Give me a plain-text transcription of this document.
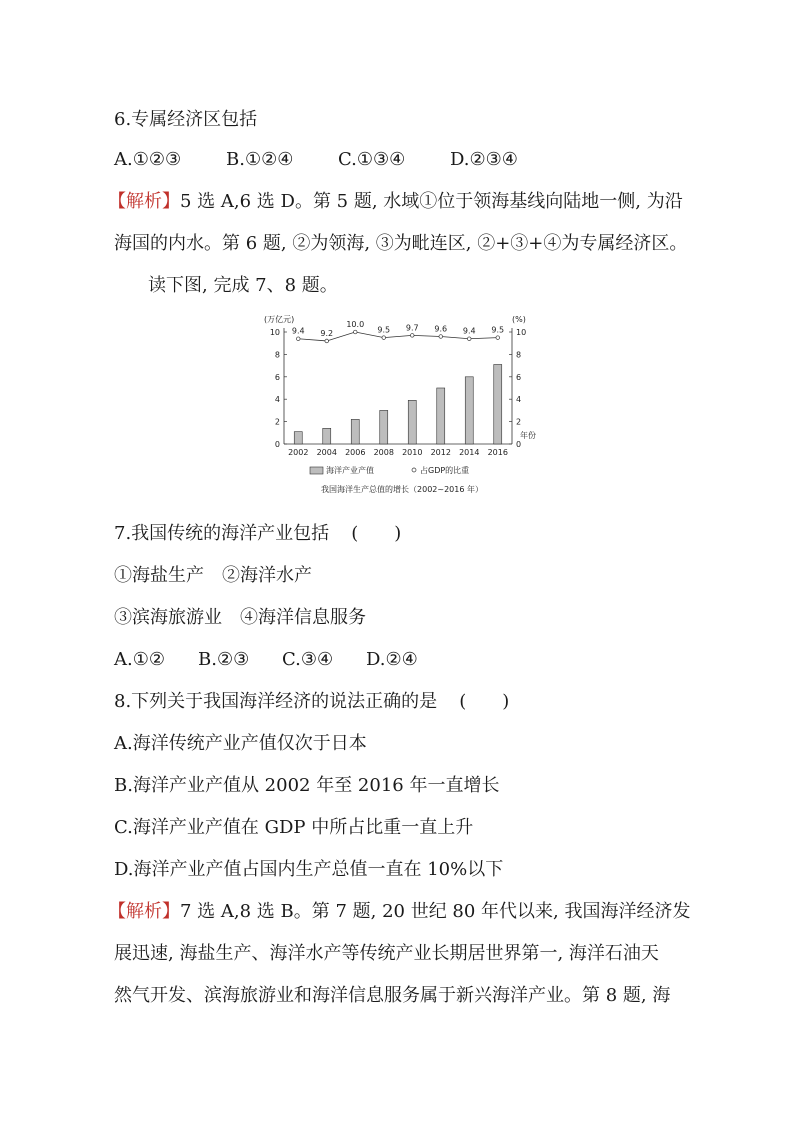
6.专属经济区包括
A.①②③ B.①②④ C.①③④ D.②③④
【解析】5 选 A,6 选 D。第 5 题, 水域①位于领海基线向陆地一侧, 为沿
海国的内水。第 6 题, ②为领海, ③为毗连区, ②+③+④为专属经济区。
读下图, 完成 7、8 题。
(万亿元)	(%)
年份
海洋产业产值	占GDP的比重
我国海洋生产总值的增长（2002~2016 年）
0	0
2	2
4	4
6	6
8	8
10	10
2002 2004 2006 2008 2010 2012 2014 2016
9.4 9.2
10.0
9.5 9.7 9.6 9.4 9.5
7.我国传统的海洋产业包括 (　　)
①海盐生产　②海洋水产
③滨海旅游业　④海洋信息服务
A.①② B.②③ C.③④ D.②④
8.下列关于我国海洋经济的说法正确的是 (　　)
A.海洋传统产业产值仅次于日本
B.海洋产业产值从 2002 年至 2016 年一直增长
C.海洋产业产值在 GDP 中所占比重一直上升
D.海洋产业产值占国内生产总值一直在 10%以下
【解析】7 选 A,8 选 B。第 7 题, 20 世纪 80 年代以来, 我国海洋经济发
展迅速, 海盐生产、海洋水产等传统产业长期居世界第一, 海洋石油天
然气开发、滨海旅游业和海洋信息服务属于新兴海洋产业。第 8 题, 海
